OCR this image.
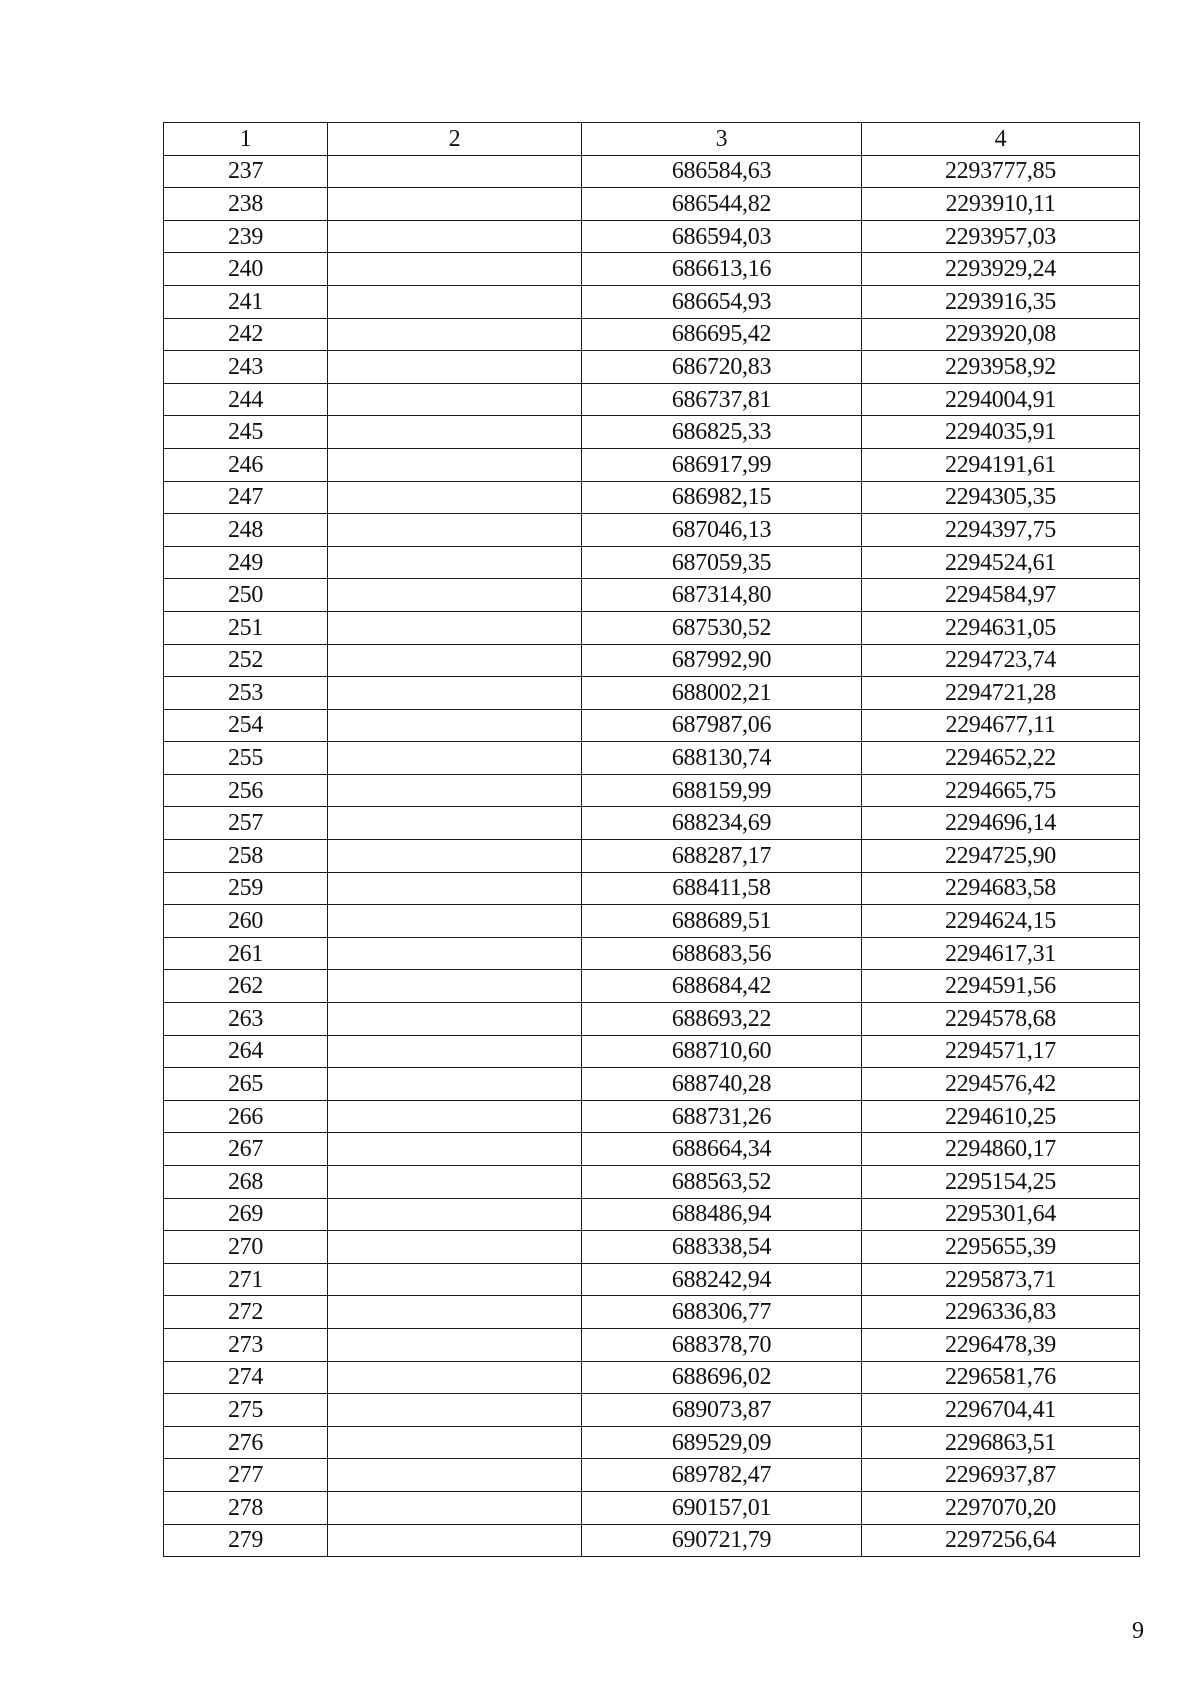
1	2	3	4
237		686584,63	2293777,85
238		686544,82	2293910,11
239		686594,03	2293957,03
240		686613,16	2293929,24
241		686654,93	2293916,35
242		686695,42	2293920,08
243		686720,83	2293958,92
244		686737,81	2294004,91
245		686825,33	2294035,91
246		686917,99	2294191,61
247		686982,15	2294305,35
248		687046,13	2294397,75
249		687059,35	2294524,61
250		687314,80	2294584,97
251		687530,52	2294631,05
252		687992,90	2294723,74
253		688002,21	2294721,28
254		687987,06	2294677,11
255		688130,74	2294652,22
256		688159,99	2294665,75
257		688234,69	2294696,14
258		688287,17	2294725,90
259		688411,58	2294683,58
260		688689,51	2294624,15
261		688683,56	2294617,31
262		688684,42	2294591,56
263		688693,22	2294578,68
264		688710,60	2294571,17
265		688740,28	2294576,42
266		688731,26	2294610,25
267		688664,34	2294860,17
268		688563,52	2295154,25
269		688486,94	2295301,64
270		688338,54	2295655,39
271		688242,94	2295873,71
272		688306,77	2296336,83
273		688378,70	2296478,39
274		688696,02	2296581,76
275		689073,87	2296704,41
276		689529,09	2296863,51
277		689782,47	2296937,87
278		690157,01	2297070,20
279		690721,79	2297256,64
9
